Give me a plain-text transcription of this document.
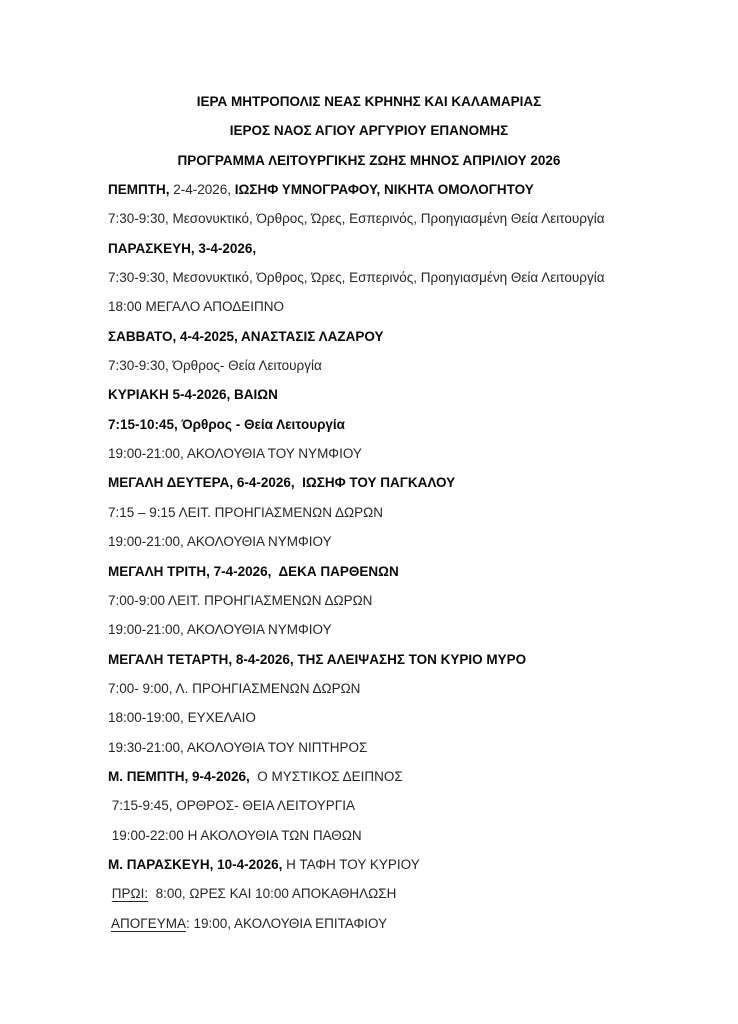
ΙΕΡΑ ΜΗΤΡΟΠΟΛΙΣ ΝΕΑΣ ΚΡΗΝΗΣ ΚΑΙ ΚΑΛΑΜΑΡΙΑΣ
ΙΕΡΟΣ ΝΑΟΣ ΑΓΙΟΥ ΑΡΓΥΡΙΟΥ ΕΠΑΝΟΜΗΣ
ΠΡΟΓΡΑΜΜΑ ΛΕΙΤΟΥΡΓΙΚΗΣ ΖΩΗΣ ΜΗΝΟΣ ΑΠΡΙΛΙΟΥ 2026
ΠΕΜΠΤΗ, 2-4-2026, ΙΩΣΗΦ ΥΜΝΟΓΡΑΦΟΥ, ΝΙΚΗΤΑ ΟΜΟΛΟΓΗΤΟΥ
7:30-9:30, Μεσονυκτικό, Όρθρος, Ώρες, Εσπερινός, Προηγιασμένη Θεία Λειτουργία
ΠΑΡΑΣΚΕΥΗ, 3-4-2026,
7:30-9:30, Μεσονυκτικό, Όρθρος, Ώρες, Εσπερινός, Προηγιασμένη Θεία Λειτουργία
18:00 ΜΕΓΑΛΟ ΑΠΟΔΕΙΠΝΟ
ΣΑΒΒΑΤΟ, 4-4-2025, ΑΝΑΣΤΑΣΙΣ ΛΑΖΑΡΟΥ
7:30-9:30, Όρθρος- Θεία Λειτουργία
ΚΥΡΙΑΚΗ 5-4-2026, ΒΑΙΩΝ
7:15-10:45, Όρθρος - Θεία Λειτουργία
19:00-21:00, ΑΚΟΛΟΥΘΙΑ ΤΟΥ ΝΥΜΦΙΟΥ
ΜΕΓΑΛΗ ΔΕΥΤΕΡΑ, 6-4-2026,  ΙΩΣΗΦ ΤΟΥ ΠΑΓΚΑΛΟΥ
7:15 – 9:15 ΛΕΙΤ. ΠΡΟΗΓΙΑΣΜΕΝΩΝ ΔΩΡΩΝ
19:00-21:00, ΑΚΟΛΟΥΘΙΑ ΝΥΜΦΙΟΥ
ΜΕΓΑΛΗ ΤΡΙΤΗ, 7-4-2026,  ΔΕΚΑ ΠΑΡΘΕΝΩΝ
7:00-9:00 ΛΕΙΤ. ΠΡΟΗΓΙΑΣΜΕΝΩΝ ΔΩΡΩΝ
19:00-21:00, ΑΚΟΛΟΥΘΙΑ ΝΥΜΦΙΟΥ
ΜΕΓΑΛΗ ΤΕΤΑΡΤΗ, 8-4-2026, ΤΗΣ ΑΛΕΙΨΑΣΗΣ ΤΟΝ ΚΥΡΙΟ ΜΥΡΟ
7:00- 9:00, Λ. ΠΡΟΗΓΙΑΣΜΕΝΩΝ ΔΩΡΩΝ
18:00-19:00, ΕΥΧΕΛΑΙΟ
19:30-21:00, ΑΚΟΛΟΥΘΙΑ ΤΟΥ ΝΙΠΤΗΡΟΣ
Μ. ΠΕΜΠΤΗ, 9-4-2026,  Ο ΜΥΣΤΙΚΟΣ ΔΕΙΠΝΟΣ
7:15-9:45, ΟΡΘΡΟΣ- ΘΕΙΑ ΛΕΙΤΟΥΡΓΙΑ
19:00-22:00 Η ΑΚΟΛΟΥΘΙΑ ΤΩΝ ΠΑΘΩΝ
Μ. ΠΑΡΑΣΚΕΥΗ, 10-4-2026, Η ΤΑΦΗ ΤΟΥ ΚΥΡΙΟΥ
ΠΡΩΙ:  8:00, ΩΡΕΣ ΚΑΙ 10:00 ΑΠΟΚΑΘΗΛΩΣΗ
ΑΠΟΓΕΥΜΑ: 19:00, ΑΚΟΛΟΥΘΙΑ ΕΠΙΤΑΦΙΟΥ
